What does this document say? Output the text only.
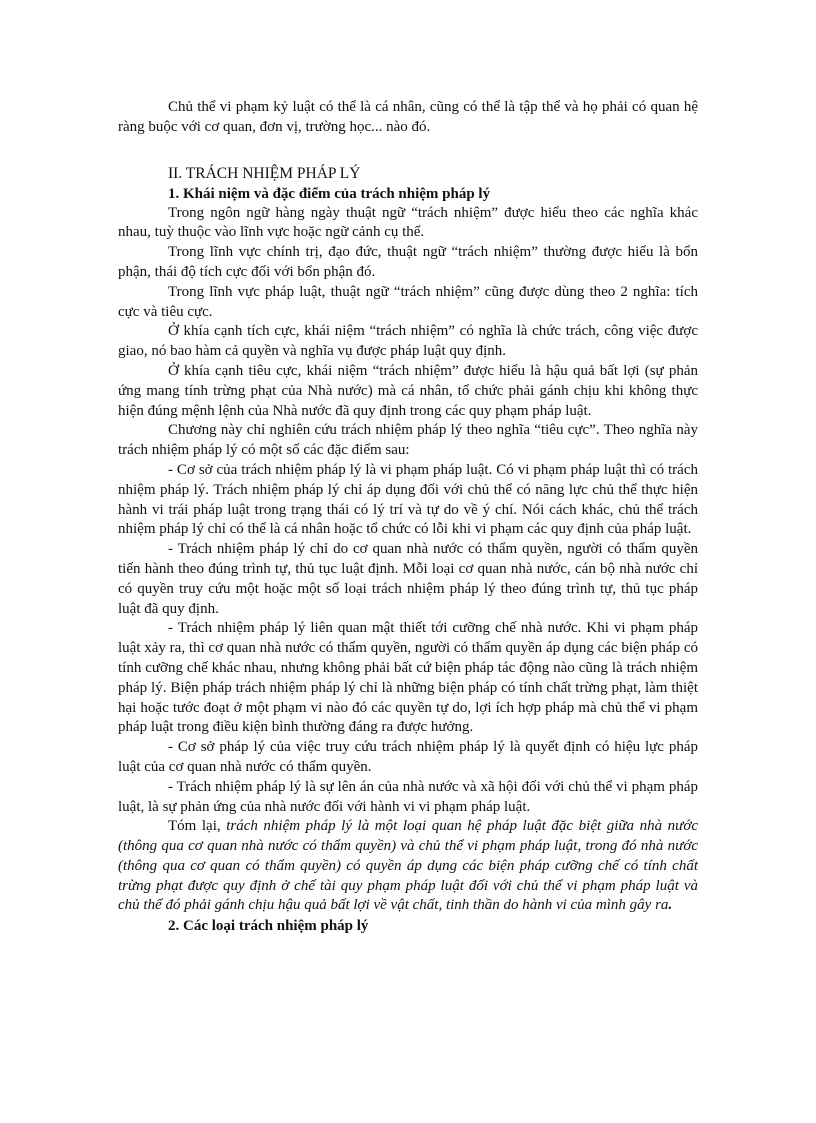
Chủ thể vi phạm kỷ luật có thể là cá nhân, cũng có thể là tập thể và họ phải có quan hệ ràng buộc với cơ quan, đơn vị, trường học... nào đó.

II. TRÁCH NHIỆM PHÁP LÝ
1. Khái niệm và đặc điểm của trách nhiệm pháp lý

Trong ngôn ngữ hàng ngày thuật ngữ “trách nhiệm” được hiểu theo các nghĩa khác nhau, tuỳ thuộc vào lĩnh vực hoặc ngữ cảnh cụ thể.

Trong lĩnh vực chính trị, đạo đức, thuật ngữ “trách nhiệm” thường được hiểu là bổn phận, thái độ tích cực đối với bổn phận đó.

Trong lĩnh vực pháp luật, thuật ngữ “trách nhiệm” cũng được dùng theo 2 nghĩa: tích cực và tiêu cực.

Ở khía cạnh tích cực, khái niệm “trách nhiệm” có nghĩa là chức trách, công việc được giao, nó bao hàm cả quyền và nghĩa vụ được pháp luật quy định.

Ở khía cạnh tiêu cực, khái niệm “trách nhiệm” được hiểu là hậu quả bất lợi (sự phản ứng mang tính trừng phạt của Nhà nước) mà cá nhân, tổ chức phải gánh chịu khi không thực hiện đúng mệnh lệnh của Nhà nước đã quy định trong các quy phạm pháp luật.

Chương này chỉ nghiên cứu trách nhiệm pháp lý theo nghĩa “tiêu cực”. Theo nghĩa này trách nhiệm pháp lý có một số các đặc điểm sau:

- Cơ sở của trách nhiệm pháp lý là vi phạm pháp luật. Có vi phạm pháp luật thì có trách nhiệm pháp lý. Trách nhiệm pháp lý chỉ áp dụng đối với chủ thể có năng lực chủ thể thực hiện hành vi trái pháp luật trong trạng thái có lý trí và tự do về ý chí. Nói cách khác, chủ thể trách nhiệm pháp lý chỉ có thể là cá nhân hoặc tổ chức có lỗi khi vi phạm các quy định của pháp luật.

- Trách nhiệm pháp lý chỉ do cơ quan nhà nước có thẩm quyền, người có thẩm quyền tiến hành theo đúng trình tự, thủ tục luật định. Mỗi loại cơ quan nhà nước, cán bộ nhà nước chỉ có quyền truy cứu một hoặc một số loại trách nhiệm pháp lý theo đúng trình tự, thủ tục pháp luật đã quy định.

- Trách nhiệm pháp lý liên quan mật thiết tới cưỡng chế nhà nước. Khi vi phạm pháp luật xảy ra, thì cơ quan nhà nước có thẩm quyền, người có thẩm quyền áp dụng các biện pháp có tính cưỡng chế khác nhau, nhưng không phải bất cứ biện pháp tác động nào cũng là trách nhiệm pháp lý. Biện pháp trách nhiệm pháp lý chỉ là những biện pháp có tính chất trừng phạt, làm thiệt hại hoặc tước đoạt ở một phạm vi nào đó các quyền tự do, lợi ích hợp pháp mà chủ thể vi phạm pháp luật trong điều kiện bình thường đáng ra được hưởng.

- Cơ sở pháp lý của việc truy cứu trách nhiệm pháp lý là quyết định có hiệu lực pháp luật của cơ quan nhà nước có thẩm quyền.

- Trách nhiệm pháp lý là sự lên án của nhà nước và xã hội đối với chủ thể vi phạm pháp luật, là sự phản ứng của nhà nước đối với hành vi vi phạm pháp luật.

Tóm lại, trách nhiệm pháp lý là một loại quan hệ pháp luật đặc biệt giữa nhà nước (thông qua cơ quan nhà nước có thẩm quyền) và chủ thể vi phạm pháp luật, trong đó nhà nước (thông qua cơ quan có thẩm quyền) có quyền áp dụng các biện pháp cưỡng chế có tính chất trừng phạt được quy định ở chế tài quy phạm pháp luật đối với chủ thể vi phạm pháp luật và chủ thể đó phải gánh chịu hậu quả bất lợi về vật chất, tinh thần do hành vi của mình gây ra.

2. Các loại trách nhiệm pháp lý
